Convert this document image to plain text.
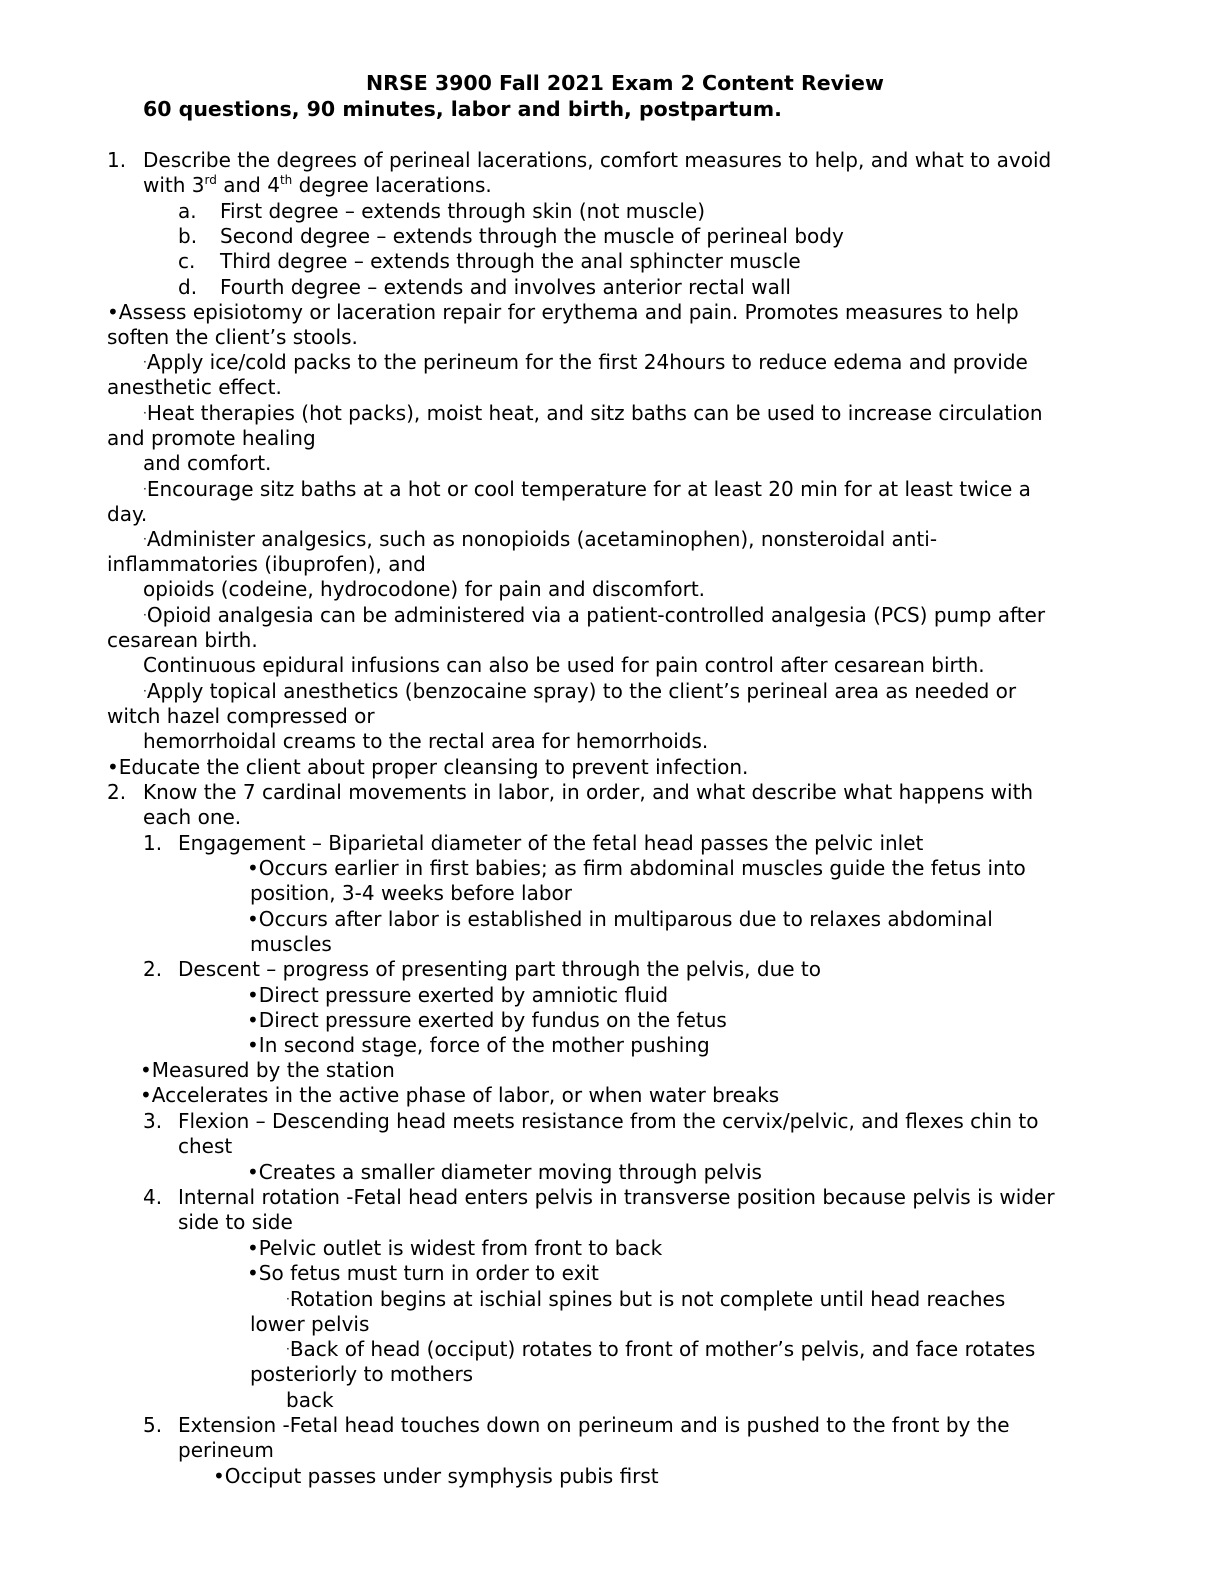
NRSE 3900 Fall 2021 Exam 2 Content Review
60 questions, 90 minutes, labor and birth, postpartum.
1. Describe the degrees of perineal lacerations, comfort measures to help, and what to avoid
with 3rd and 4th degree lacerations.
a. First degree – extends through skin (not muscle)
b. Second degree – extends through the muscle of perineal body
c. Third degree – extends through the anal sphincter muscle
d. Fourth degree – extends and involves anterior rectal wall
•Assess episiotomy or laceration repair for erythema and pain. Promotes measures to help
soften the client’s stools.
·Apply ice/cold packs to the perineum for the first 24hours to reduce edema and provide
anesthetic effect.
·Heat therapies (hot packs), moist heat, and sitz baths can be used to increase circulation
and promote healing
and comfort.
·Encourage sitz baths at a hot or cool temperature for at least 20 min for at least twice a
day.
·Administer analgesics, such as nonopioids (acetaminophen), nonsteroidal anti-
inflammatories (ibuprofen), and
opioids (codeine, hydrocodone) for pain and discomfort.
·Opioid analgesia can be administered via a patient-controlled analgesia (PCS) pump after
cesarean birth.
Continuous epidural infusions can also be used for pain control after cesarean birth.
·Apply topical anesthetics (benzocaine spray) to the client’s perineal area as needed or
witch hazel compressed or
hemorrhoidal creams to the rectal area for hemorrhoids.
•Educate the client about proper cleansing to prevent infection.
2. Know the 7 cardinal movements in labor, in order, and what describe what happens with
each one.
1. Engagement – Biparietal diameter of the fetal head passes the pelvic inlet
•Occurs earlier in first babies; as firm abdominal muscles guide the fetus into
position, 3-4 weeks before labor
•Occurs after labor is established in multiparous due to relaxes abdominal
muscles
2. Descent – progress of presenting part through the pelvis, due to
•Direct pressure exerted by amniotic fluid
•Direct pressure exerted by fundus on the fetus
•In second stage, force of the mother pushing
•Measured by the station
•Accelerates in the active phase of labor, or when water breaks
3. Flexion – Descending head meets resistance from the cervix/pelvic, and flexes chin to
chest
•Creates a smaller diameter moving through pelvis
4. Internal rotation -Fetal head enters pelvis in transverse position because pelvis is wider
side to side
•Pelvic outlet is widest from front to back
•So fetus must turn in order to exit
·Rotation begins at ischial spines but is not complete until head reaches
lower pelvis
·Back of head (occiput) rotates to front of mother’s pelvis, and face rotates
posteriorly to mothers
back
5. Extension -Fetal head touches down on perineum and is pushed to the front by the
perineum
•Occiput passes under symphysis pubis first
